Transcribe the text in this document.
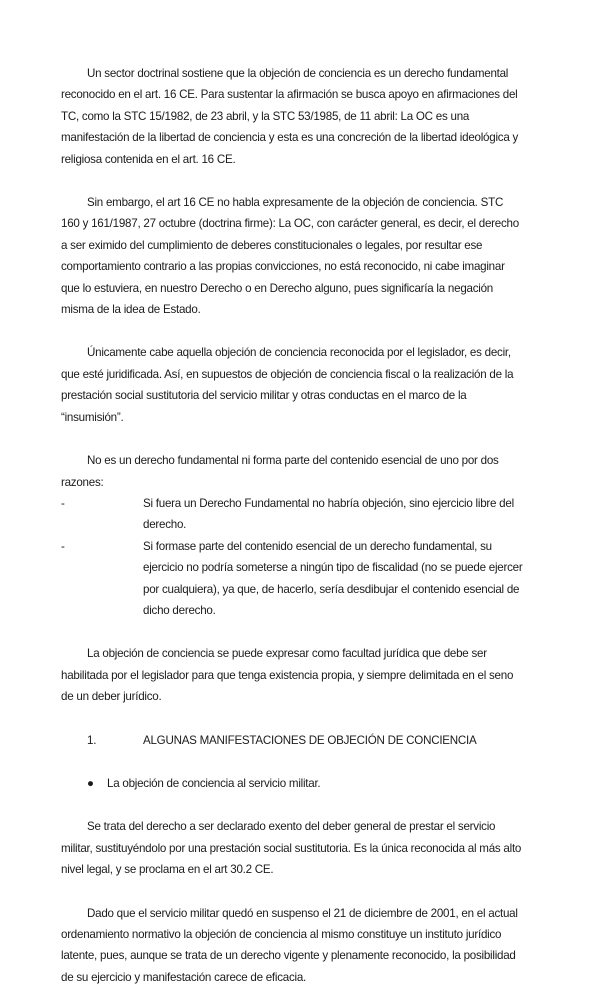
Un sector doctrinal sostiene que la objeción de conciencia es un derecho fundamental reconocido en el art. 16 CE. Para sustentar la afirmación se busca apoyo en afirmaciones del TC, como la STC 15/1982, de 23 abril, y la STC 53/1985, de 11 abril: La OC es una manifestación de la libertad de conciencia y esta es una concreción de la libertad ideológica y religiosa contenida en el art. 16 CE.

Sin embargo, el art 16 CE no habla expresamente de la objeción de conciencia. STC 160 y 161/1987, 27 octubre (doctrina firme): La OC, con carácter general, es decir, el derecho a ser eximido del cumplimiento de deberes constitucionales o legales, por resultar ese comportamiento contrario a las propias convicciones, no está reconocido, ni cabe imaginar que lo estuviera, en nuestro Derecho o en Derecho alguno, pues significaría la negación misma de la idea de Estado.

Únicamente cabe aquella objeción de conciencia reconocida por el legislador, es decir, que esté juridificada. Así, en supuestos de objeción de conciencia fiscal o la realización de la prestación social sustitutoria del servicio militar y otras conductas en el marco de la “insumisión”.

No es un derecho fundamental ni forma parte del contenido esencial de uno por dos razones:

-	Si fuera un Derecho Fundamental no habría objeción, sino ejercicio libre del derecho.
-	Si formase parte del contenido esencial de un derecho fundamental, su ejercicio no podría someterse a ningún tipo de fiscalidad (no se puede ejercer por cualquiera), ya que, de hacerlo, sería desdibujar el contenido esencial de dicho derecho.

La objeción de conciencia se puede expresar como facultad jurídica que debe ser habilitada por el legislador para que tenga existencia propia, y siempre delimitada en el seno de un deber jurídico.

1.	ALGUNAS MANIFESTACIONES DE OBJECIÓN DE CONCIENCIA
●	La objeción de conciencia al servicio militar.

Se trata del derecho a ser declarado exento del deber general de prestar el servicio militar, sustituyéndolo por una prestación social sustitutoria. Es la única reconocida al más alto nivel legal, y se proclama en el art 30.2 CE.

Dado que el servicio militar quedó en suspenso el 21 de diciembre de 2001, en el actual ordenamiento normativo la objeción de conciencia al mismo constituye un instituto jurídico latente, pues, aunque se trata de un derecho vigente y plenamente reconocido, la posibilidad de su ejercicio y manifestación carece de eficacia.
